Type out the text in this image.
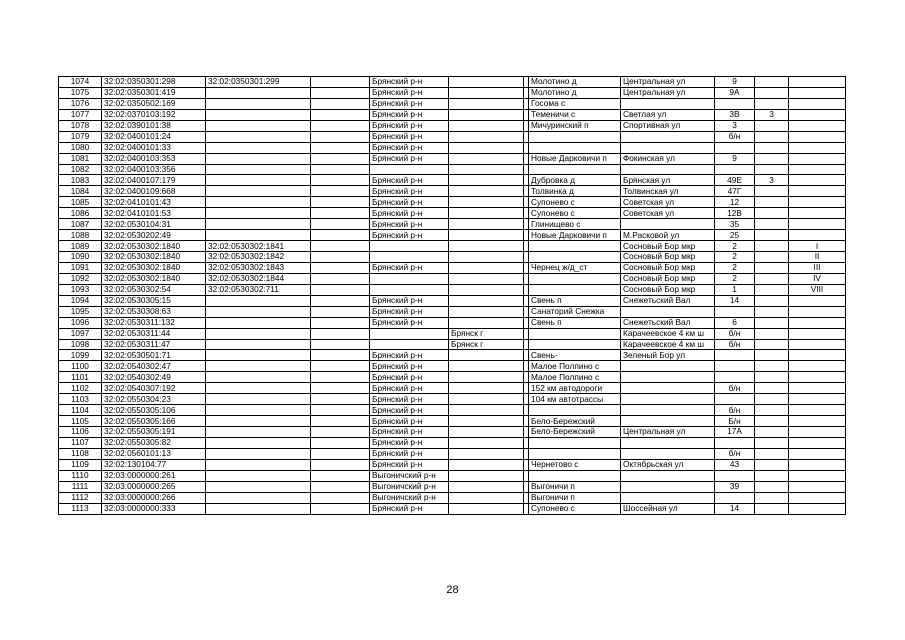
1074	32:02:0350301:298	32:02:0350301:299		Брянский р-н			Молотино д	Центральная ул	9		
1075	32:02:0350301:419			Брянский р-н			Молотино д	Центральная ул	9А		
1076	32:02:0350502:169			Брянский р-н			Госома с				
1077	32:02:0370103:192			Брянский р-н			Теменичи с	Светлая ул	3В	3	
1078	32:02:0390101:38			Брянский р-н			Мичуринский п	Спортивная ул	3		
1079	32:02:0400101:24			Брянский р-н					б/н		
1080	32:02:0400101:33			Брянский р-н							
1081	32:02:0400103:353			Брянский р-н			Новые Дарковичи п	Фокинская ул	9		
1082	32:02:0400103:356										
1083	32:02:0400107:179			Брянский р-н			Дубровка д	Брянская ул	49Е	3	
1084	32:02:0400109:668			Брянский р-н			Толвинка д	Толвинская ул	47Г		
1085	32:02:0410101:43			Брянский р-н			Супонево с	Советская ул	12		
1086	32:02:0410101:53			Брянский р-н			Супонево с	Советская ул	12В		
1087	32:02:0530104:31			Брянский р-н			Глинищево с		35		
1088	32:02:0530202:49			Брянский р-н			Новые Дарковичи п	М.Расковой ул	25		
1089	32:02:0530302:1840	32:02:0530302:1841						Сосновый Бор мкр	2		I
1090	32:02:0530302:1840	32:02:0530302:1842						Сосновый Бор мкр	2		II
1091	32:02:0530302:1840	32:02:0530302:1843		Брянский р-н			Чернец ж/д_ст	Сосновый Бор мкр	2		III
1092	32:02:0530302:1840	32:02:0530302:1844						Сосновый Бор мкр	2		IV
1093	32:02:0530302:54	32:02:0530302:711						Сосновый Бор мкр	1		VIII
1094	32:02:0530305:15			Брянский р-н			Свень п	Снежетьский Вал	14		
1095	32:02:0530308:63			Брянский р-н			Санаторий Снежка				
1096	32:02:0530311:132			Брянский р-н			Свень п	Снежетьский Вал	6		
1097	32:02:0530311:44				Брянск г			Карачеевское 4 км ш	б/н		
1098	32:02:0530311:47				Брянск г			Карачеевское 4 км ш	б/н		
1099	32:02:0530501:71			Брянский р-н			Свень-	Зеленый Бор ул			
1100	32:02:0540302:47			Брянский р-н			Малое Полпино с				
1101	32:02:0540302:49			Брянский р-н			Малое Полпино с				
1102	32:02:0540307:192			Брянский р-н			152 км автодороги		б/н		
1103	32:02:0550304:23			Брянский р-н			104 км автотрассы				
1104	32:02:0550305:106			Брянский р-н					б/н		
1105	32:02:0550305:166			Брянский р-н			Бело-Бережский		Б/н		
1106	32:02:0550305:191			Брянский р-н			Бело-Бережский	Центральная ул	17А		
1107	32:02:0550305:82			Брянский р-н							
1108	32:02:0560101:13			Брянский р-н					б/н		
1109	32:02:130104:77			Брянский р-н			Чернетово с	Октябрьская ул	43		
1110	32:03:0000000:261			Выгоничский р-н							
1111	32:03:0000000:265			Выгоничский р-н			Выгоничи п		39		
1112	32:03:0000000:266			Выгоничский р-н			Выгоничи п				
1113	32:03:0000000:333			Брянский р-н			Супонево с	Шоссейная ул	14		
28
